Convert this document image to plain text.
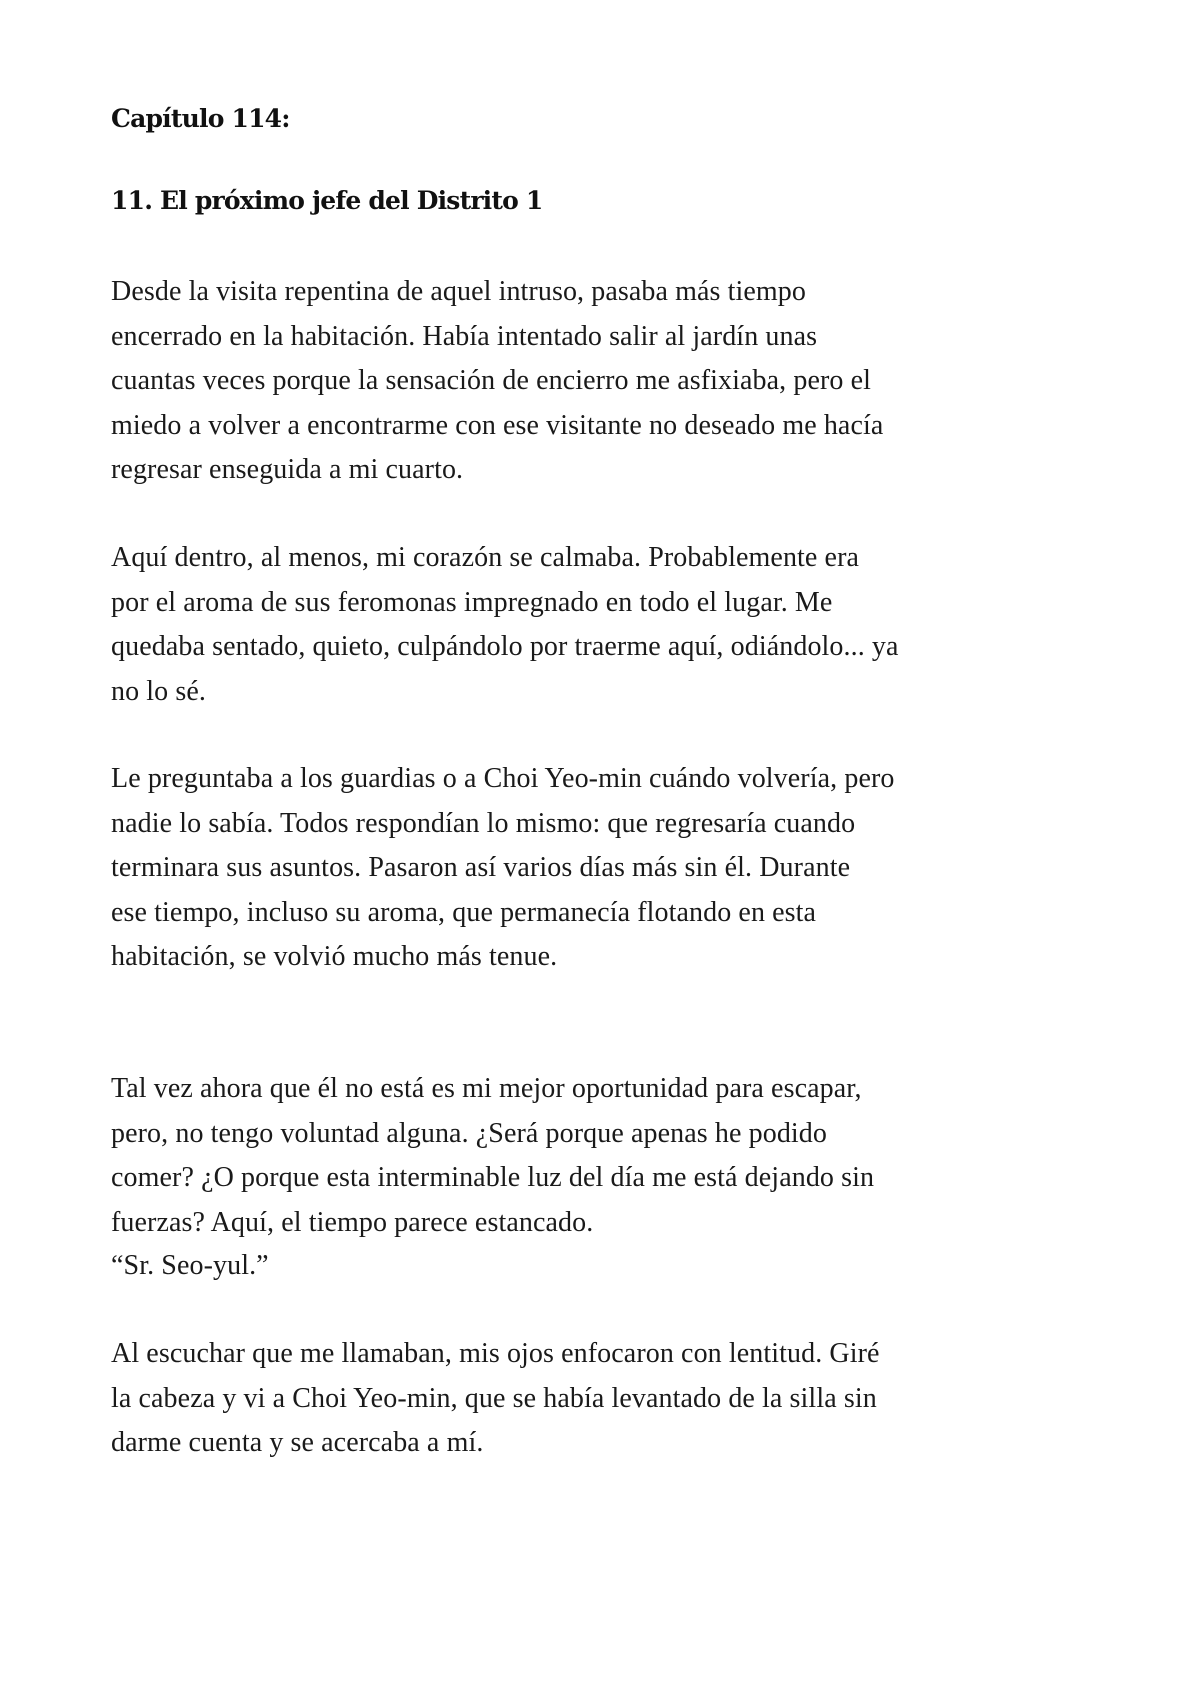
Capítulo 114:
11. El próximo jefe del Distrito 1

Desde la visita repentina de aquel intruso, pasaba más tiempo
encerrado en la habitación. Había intentado salir al jardín unas
cuantas veces porque la sensación de encierro me asfixiaba, pero el
miedo a volver a encontrarme con ese visitante no deseado me hacía
regresar enseguida a mi cuarto.

Aquí dentro, al menos, mi corazón se calmaba. Probablemente era
por el aroma de sus feromonas impregnado en todo el lugar. Me
quedaba sentado, quieto, culpándolo por traerme aquí, odiándolo... ya
no lo sé.

Le preguntaba a los guardias o a Choi Yeo-min cuándo volvería, pero
nadie lo sabía. Todos respondían lo mismo: que regresaría cuando
terminara sus asuntos. Pasaron así varios días más sin él. Durante
ese tiempo, incluso su aroma, que permanecía flotando en esta
habitación, se volvió mucho más tenue.

Tal vez ahora que él no está es mi mejor oportunidad para escapar,
pero, no tengo voluntad alguna. ¿Será porque apenas he podido
comer? ¿O porque esta interminable luz del día me está dejando sin
fuerzas? Aquí, el tiempo parece estancado.

“Sr. Seo-yul.”

Al escuchar que me llamaban, mis ojos enfocaron con lentitud. Giré
la cabeza y vi a Choi Yeo-min, que se había levantado de la silla sin
darme cuenta y se acercaba a mí.
